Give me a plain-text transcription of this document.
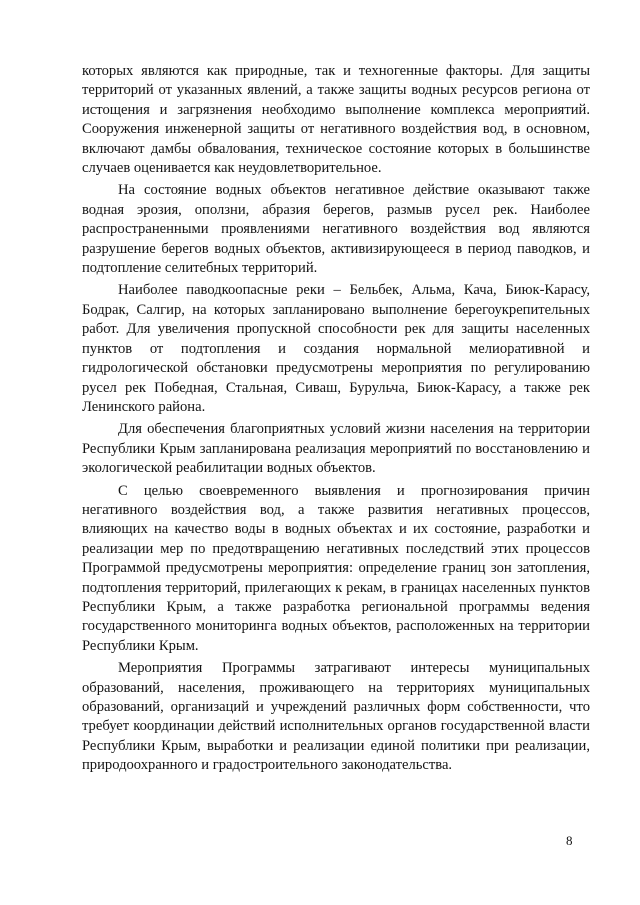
которых являются как природные, так и техногенные факторы. Для защиты территорий от указанных явлений, а также защиты водных ресурсов региона от истощения и загрязнения необходимо выполнение комплекса мероприятий. Сооружения инженерной защиты от негативного воздействия вод, в основном, включают дамбы обвалования, техническое состояние которых в большинстве случаев оценивается как неудовлетворительное.

На состояние водных объектов негативное действие оказывают также водная эрозия, оползни, абразия берегов, размыв русел рек. Наиболее распространенными проявлениями негативного воздействия вод являются разрушение берегов водных объектов, активизирующееся в период паводков, и подтопление селитебных территорий.

Наиболее паводкоопасные реки – Бельбек, Альма, Кача, Биюк-Карасу, Бодрак, Салгир, на которых запланировано выполнение берегоукрепительных работ. Для увеличения пропускной способности рек для защиты населенных пунктов от подтопления и создания нормальной мелиоративной и гидрологической обстановки предусмотрены мероприятия по регулированию русел рек Победная, Стальная, Сиваш, Бурульча, Биюк-Карасу, а также рек Ленинского района.

Для обеспечения благоприятных условий жизни населения на территории Республики Крым запланирована реализация мероприятий по восстановлению и экологической реабилитации водных объектов.

С целью своевременного выявления и прогнозирования причин негативного воздействия вод, а также развития негативных процессов, влияющих на качество воды в водных объектах и их состояние, разработки и реализации мер по предотвращению негативных последствий этих процессов Программой предусмотрены мероприятия: определение границ зон затопления, подтопления территорий, прилегающих к рекам, в границах населенных пунктов Республики Крым, а также разработка региональной программы ведения государственного мониторинга водных объектов, расположенных на территории Республики Крым.

Мероприятия Программы затрагивают интересы муниципальных образований, населения, проживающего на территориях муниципальных образований, организаций и учреждений различных форм собственности, что требует координации действий исполнительных органов государственной власти Республики Крым, выработки и реализации единой политики при реализации, природоохранного и градостроительного законодательства.

8
